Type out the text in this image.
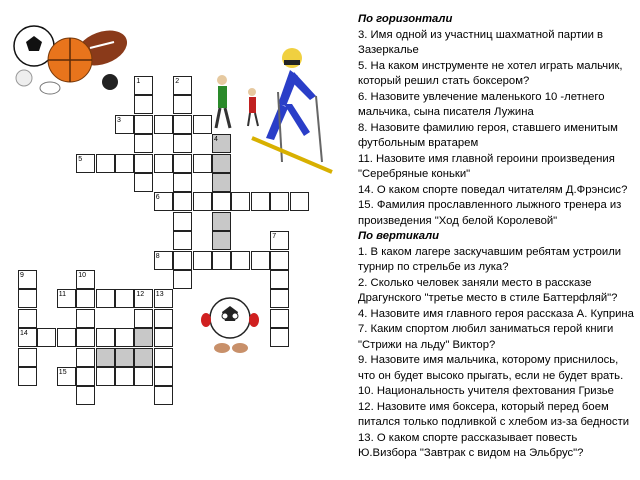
1	2
4
7
9
14
10
3
5
6
8
11	12 13
15
По горизонтали
3. Имя одной из участниц шахматной партии в Зазеркалье
5. На каком инструменте не хотел играть мальчик, который решил стать боксером?
6. Назовите увлечение маленького 10 -летнего мальчика, сына писателя Лужина
8. Назовите фамилию героя, ставшего именитым футбольным вратарем
11. Назовите имя главной героини произведения "Серебряные коньки"
14. О каком спорте поведал читателям Д.Фрэнсис?
15. Фамилия прославленного лыжного тренера из произведения "Ход белой Королевой"
По вертикали
1. В каком лагере заскучавшим ребятам устроили турнир по стрельбе из лука?
2. Сколько человек заняли место в рассказе Драгунского "третье место в стиле Баттерфляй"?
4. Назовите имя главного героя рассказа А. Куприна
7. Каким спортом любил заниматься герой книги "Стрижи на льду" Виктор?
9. Назовите имя мальчика, которому приснилось, что он будет высоко прыгать, если не будет врать.
10. Национальность учителя фехтования Гризье
12. Назовите имя боксера, который перед боем питался только подливкой с хлебом из-за бедности
13. О каком спорте рассказывает повесть Ю.Визбора "Завтрак с видом на Эльбрус"?
